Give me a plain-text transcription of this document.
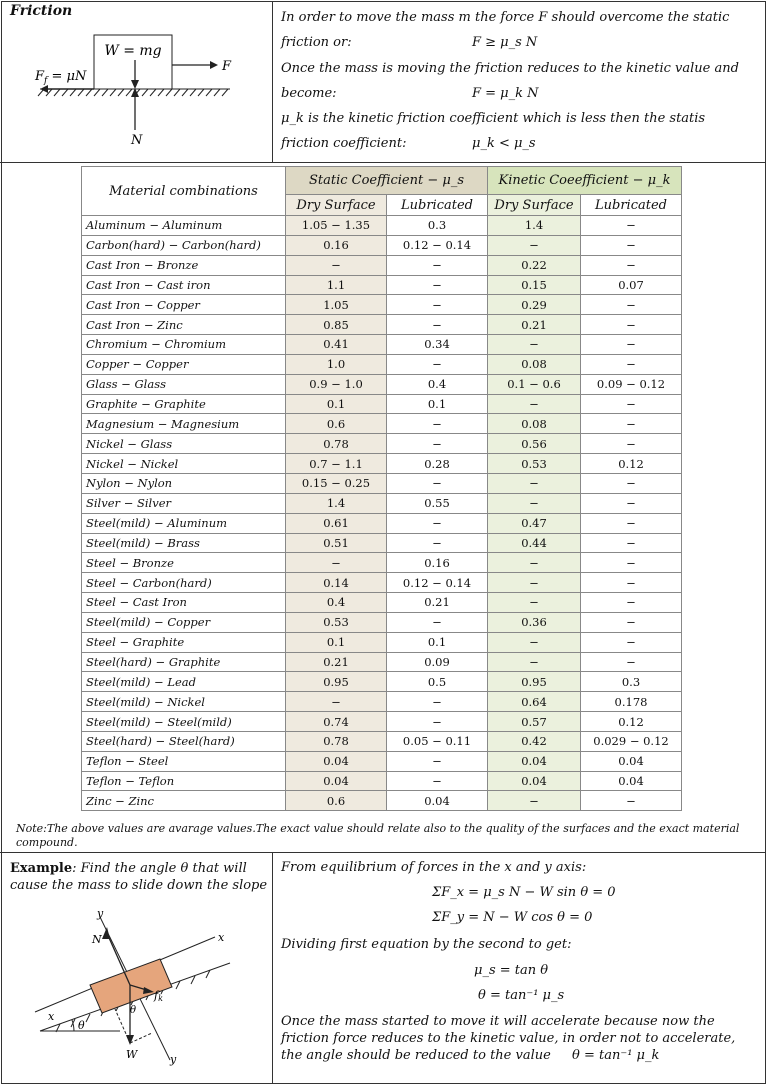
Friction
W = mg
F
$F_f = \mu N$
N
In order to move the mass m the force F should overcome the static
friction or:	F ≥ μ_s N
Once the mass is moving the friction reduces to the kinetic value and
become:	F = μ_k N
μ_k is the kinetic friction coefficient which is less then the statis
friction coefficient:	μ_k < μ_s
Material combinations	Static Coefficient − μ_s		Kinetic Coeefficient − μ_k	
	Dry Surface	Lubricated	Dry Surface	Lubricated
Aluminum − Aluminum	1.05 − 1.35	0.3	1.4	−
Carbon(hard) − Carbon(hard)	0.16	0.12 − 0.14	−	−
Cast Iron − Bronze	−	−	0.22	−
Cast Iron − Cast iron	1.1	−	0.15	0.07
Cast Iron − Copper	1.05	−	0.29	−
Cast Iron − Zinc	0.85	−	0.21	−
Chromium − Chromium	0.41	0.34	−	−
Copper − Copper	1.0	−	0.08	−
Glass − Glass	0.9 − 1.0	0.4	0.1 − 0.6	0.09 − 0.12
Graphite − Graphite	0.1	0.1	−	−
Magnesium − Magnesium	0.6	−	0.08	−
Nickel − Glass	0.78	−	0.56	−
Nickel − Nickel	0.7 − 1.1	0.28	0.53	0.12
Nylon − Nylon	0.15 − 0.25	−	−	−
Silver − Silver	1.4	0.55	−	−
Steel(mild) − Aluminum	0.61	−	0.47	−
Steel(mild) − Brass	0.51	−	0.44	−
Steel − Bronze	−	0.16	−	−
Steel − Carbon(hard)	0.14	0.12 − 0.14	−	−
Steel − Cast Iron	0.4	0.21	−	−
Steel(mild) − Copper	0.53	−	0.36	−
Steel − Graphite	0.1	0.1	−	−
Steel(hard) − Graphite	0.21	0.09	−	−
Steel(mild) − Lead	0.95	0.5	0.95	0.3
Steel(mild) − Nickel	−	−	0.64	0.178
Steel(mild) − Steel(mild)	0.74	−	0.57	0.12
Steel(hard) − Steel(hard)	0.78	0.05 − 0.11	0.42	0.029 − 0.12
Teflon − Steel	0.04	−	0.04	0.04
Teflon − Teflon	0.04	−	0.04	0.04
Zinc − Zinc	0.6	0.04	−	−
Note:The above values are avarage values.The exact value should relate also to the quality of the surfaces and the exact material compound.
Example: Find the angle θ that will cause the mass to slide down the slope
θ
x
x
y
y
N
fk
W
θ
From equilibrium of forces in the x and y axis:
ΣF_x = μ_s N − W sin θ = 0
ΣF_y = N − W cos θ = 0
Dividing first equation by the second to get:
μ_s = tan θ
θ = tan⁻¹ μ_s
Once the mass started to move it will accelerate because now the
friction force reduces to the kinetic value, in order not to accelerate,
the angle should be reduced to the value θ = tan⁻¹ μ_k
